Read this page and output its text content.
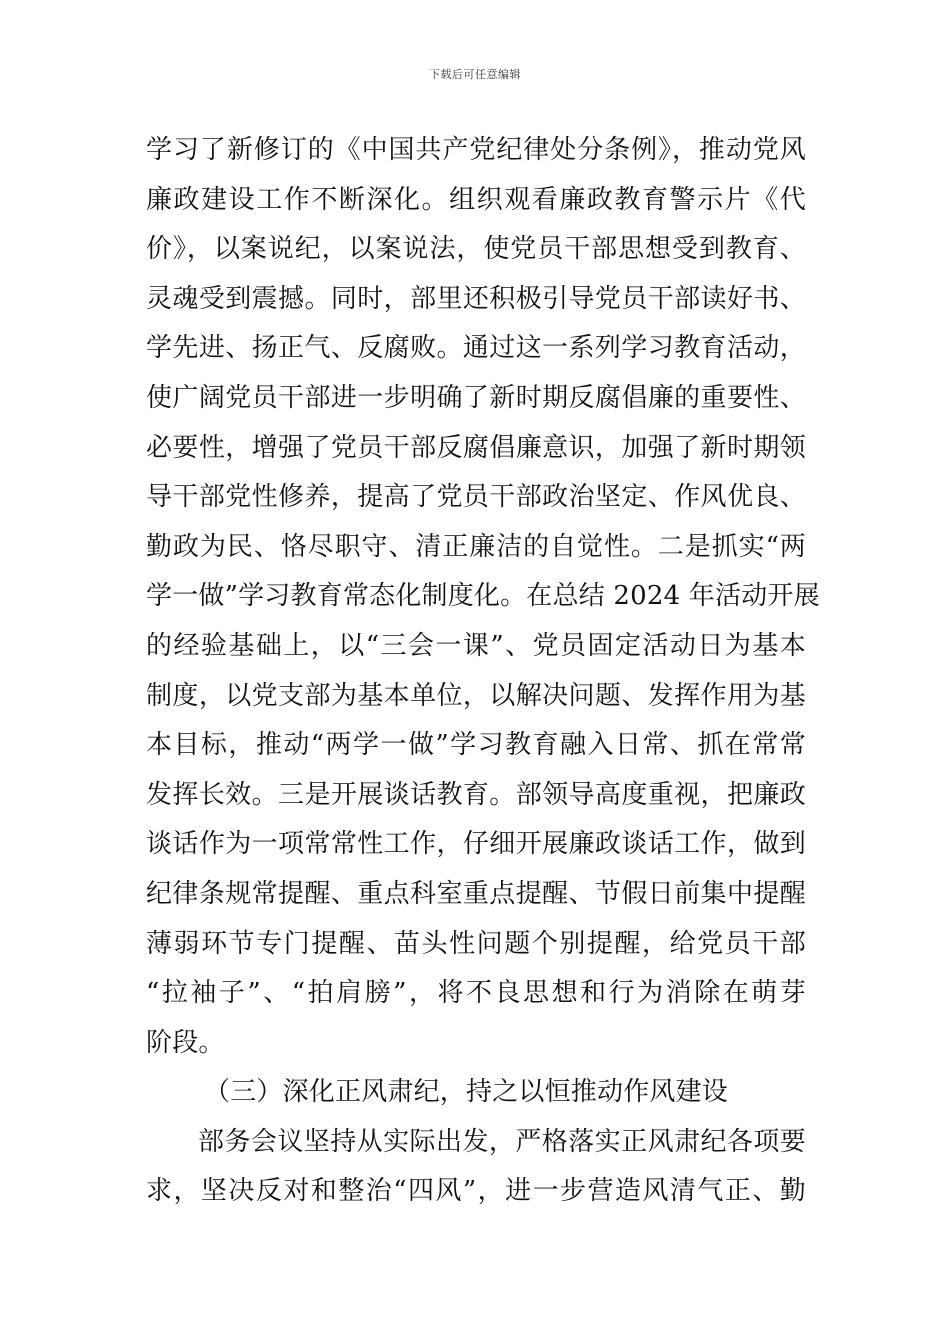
下载后可任意编辑
学习了新修订的《中国共产党纪律处分条例》，推动党风
廉政建设工作不断深化。组织观看廉政教育警示片《代
价》，以案说纪，以案说法，使党员干部思想受到教育、
灵魂受到震撼。同时，部里还积极引导党员干部读好书、
学先进、扬正气、反腐败。通过这一系列学习教育活动，
使广阔党员干部进一步明确了新时期反腐倡廉的重要性、
必要性，增强了党员干部反腐倡廉意识，加强了新时期领
导干部党性修养，提高了党员干部政治坚定、作风优良、
勤政为民、恪尽职守、清正廉洁的自觉性。二是抓实“两
学一做”学习教育常态化制度化。在总结 2024 年活动开展
的经验基础上，以“三会一课”、党员固定活动日为基本
制度，以党支部为基本单位，以解决问题、发挥作用为基
本目标，推动“两学一做”学习教育融入日常、抓在常常
发挥长效。三是开展谈话教育。部领导高度重视，把廉政
谈话作为一项常常性工作，仔细开展廉政谈话工作，做到
纪律条规常提醒、重点科室重点提醒、节假日前集中提醒
薄弱环节专门提醒、苗头性问题个别提醒，给党员干部
“拉袖子”、“拍肩膀”，将不良思想和行为消除在萌芽
阶段。
（三）深化正风肃纪，持之以恒推动作风建设
部务会议坚持从实际出发，严格落实正风肃纪各项要
求，坚决反对和整治“四风”，进一步营造风清气正、勤
